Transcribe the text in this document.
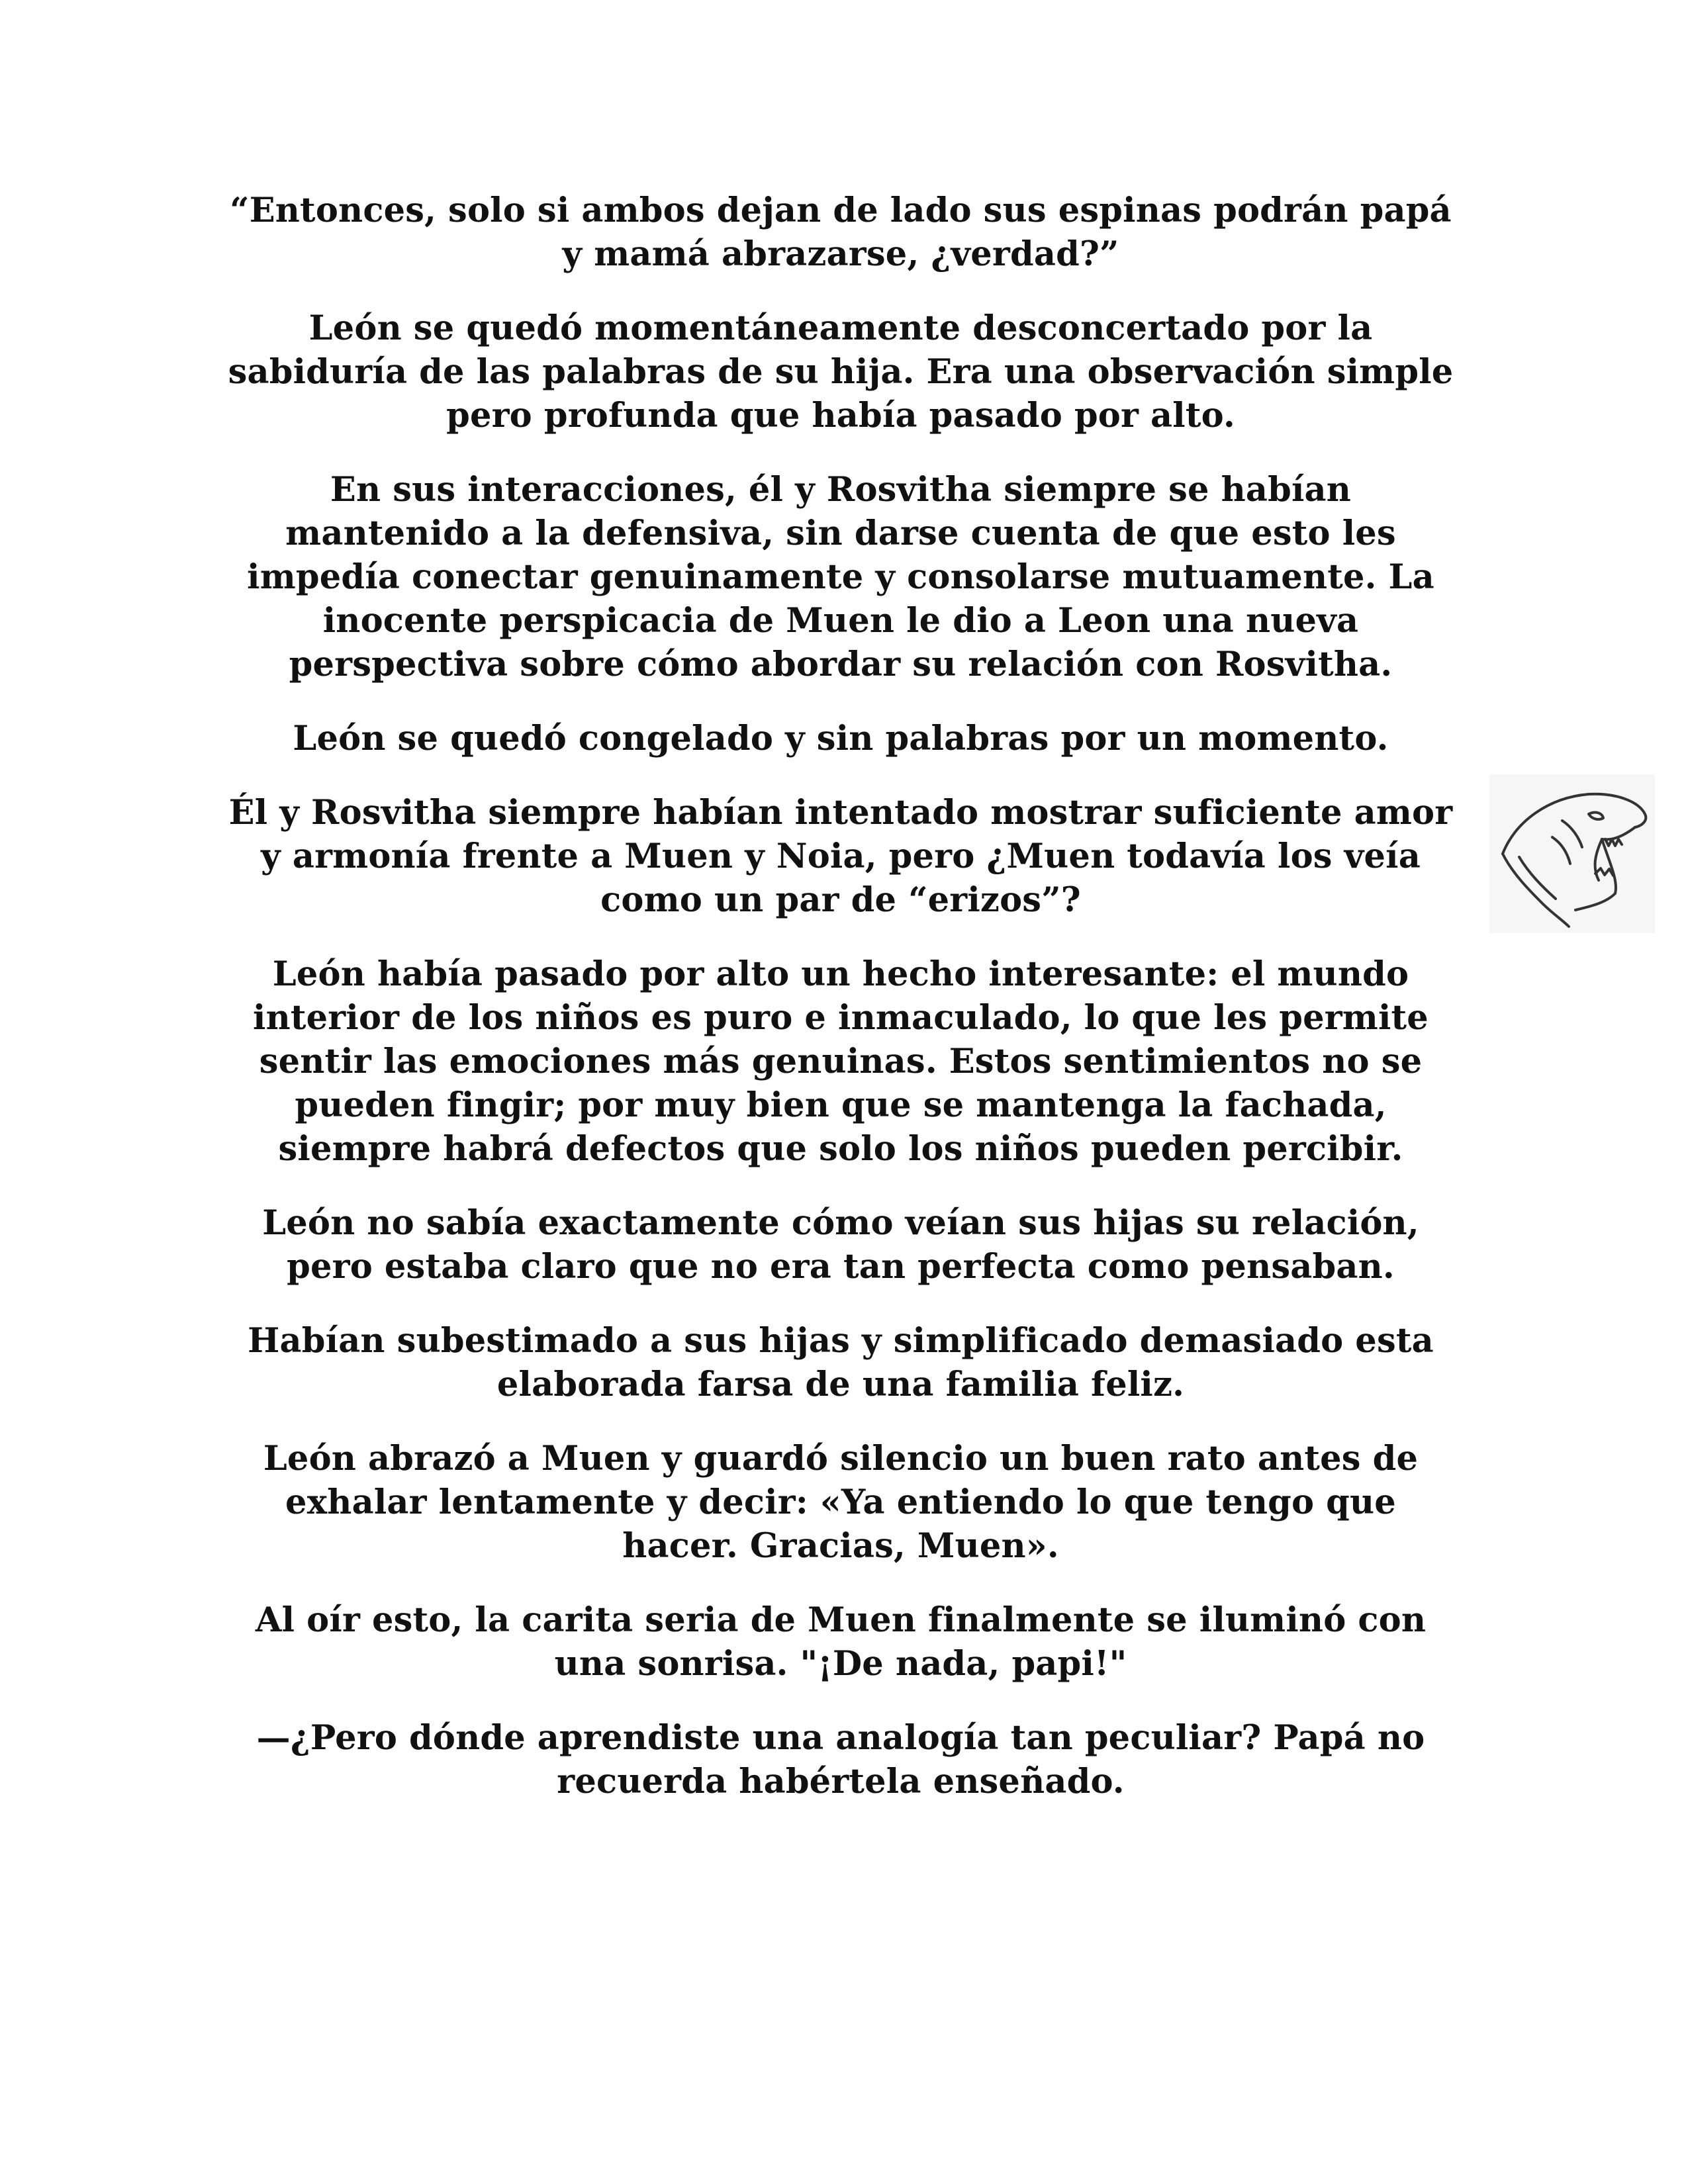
“Entonces, solo si ambos dejan de lado sus espinas podrán papá y mamá abrazarse, ¿verdad?”

León se quedó momentáneamente desconcertado por la sabiduría de las palabras de su hija. Era una observación simple pero profunda que había pasado por alto.

En sus interacciones, él y Rosvitha siempre se habían mantenido a la defensiva, sin darse cuenta de que esto les impedía conectar genuinamente y consolarse mutuamente. La inocente perspicacia de Muen le dio a Leon una nueva perspectiva sobre cómo abordar su relación con Rosvitha.

León se quedó congelado y sin palabras por un momento.

Él y Rosvitha siempre habían intentado mostrar suficiente amor y armonía frente a Muen y Noia, pero ¿Muen todavía los veía como un par de “erizos”?

León había pasado por alto un hecho interesante: el mundo interior de los niños es puro e inmaculado, lo que les permite sentir las emociones más genuinas. Estos sentimientos no se pueden fingir; por muy bien que se mantenga la fachada, siempre habrá defectos que solo los niños pueden percibir.

León no sabía exactamente cómo veían sus hijas su relación, pero estaba claro que no era tan perfecta como pensaban.

Habían subestimado a sus hijas y simplificado demasiado esta elaborada farsa de una familia feliz.

León abrazó a Muen y guardó silencio un buen rato antes de exhalar lentamente y decir: «Ya entiendo lo que tengo que hacer. Gracias, Muen».

Al oír esto, la carita seria de Muen finalmente se iluminó con una sonrisa. "¡De nada, papi!"

—¿Pero dónde aprendiste una analogía tan peculiar? Papá no recuerda habértela enseñado.
